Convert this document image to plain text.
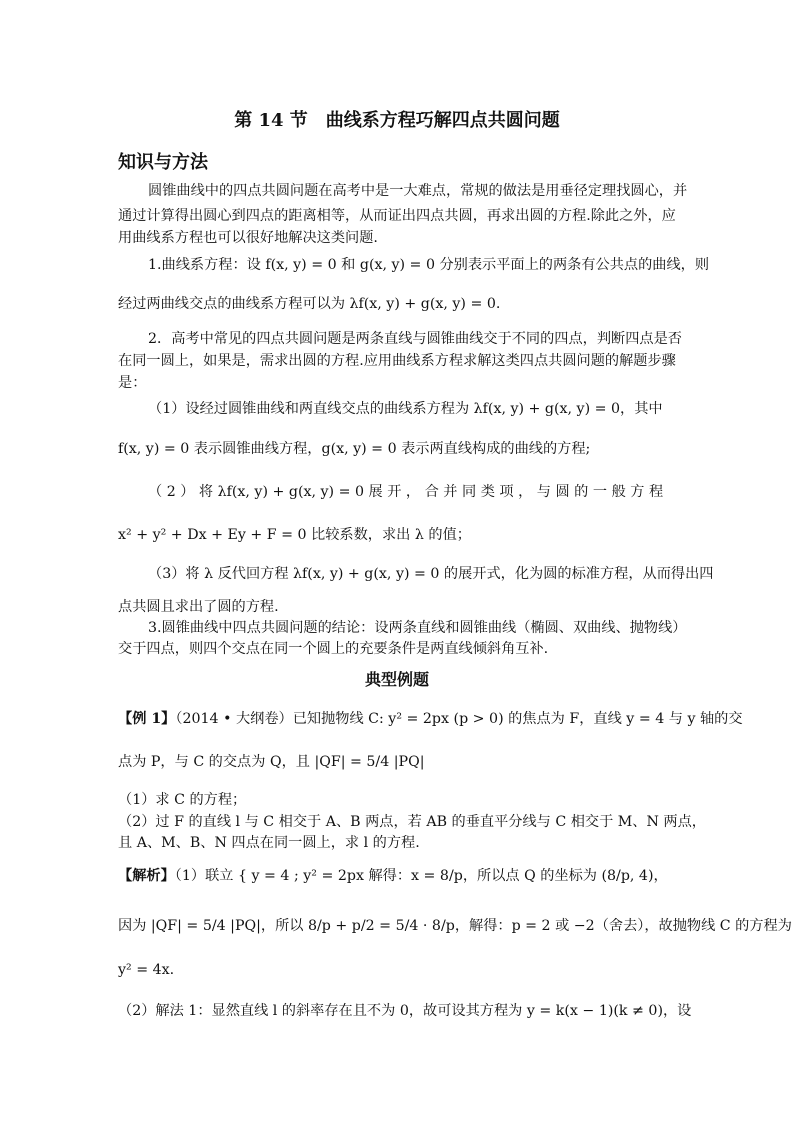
第 14 节　曲线系方程巧解四点共圆问题
知识与方法
圆锥曲线中的四点共圆问题在高考中是一大难点，常规的做法是用垂径定理找圆心，并
通过计算得出圆心到四点的距离相等，从而证出四点共圆，再求出圆的方程.除此之外，应
用曲线系方程也可以很好地解决这类问题.
1.曲线系方程：设 f(x, y) = 0 和 g(x, y) = 0 分别表示平面上的两条有公共点的曲线，则
经过两曲线交点的曲线系方程可以为 λf(x, y) + g(x, y) = 0.
2．高考中常见的四点共圆问题是两条直线与圆锥曲线交于不同的四点，判断四点是否
在同一圆上，如果是，需求出圆的方程.应用曲线系方程求解这类四点共圆问题的解题步骤
是：
（1）设经过圆锥曲线和两直线交点的曲线系方程为 λf(x, y) + g(x, y) = 0，其中
f(x, y) = 0 表示圆锥曲线方程，g(x, y) = 0 表示两直线构成的曲线的方程;
（ 2 ） 将 λf(x, y) + g(x, y) = 0 展 开 ， 合 并 同 类 项 ， 与 圆 的 一 般 方 程
x² + y² + Dx + Ey + F = 0 比较系数，求出 λ 的值；
（3）将 λ 反代回方程 λf(x, y) + g(x, y) = 0 的展开式，化为圆的标准方程，从而得出四
点共圆且求出了圆的方程.
3.圆锥曲线中四点共圆问题的结论：设两条直线和圆锥曲线（椭圆、双曲线、抛物线）
交于四点，则四个交点在同一个圆上的充要条件是两直线倾斜角互补.
典型例题
【例 1】（2014 • 大纲卷）已知抛物线 C: y² = 2px (p > 0) 的焦点为 F，直线 y = 4 与 y 轴的交
点为 P，与 C 的交点为 Q，且 |QF| = 5/4 |PQ|
（1）求 C 的方程；
（2）过 F 的直线 l 与 C 相交于 A、B 两点，若 AB 的垂直平分线与 C 相交于 M、N 两点，
且 A、M、B、N 四点在同一圆上，求 l 的方程.
【解析】（1）联立 { y = 4 ; y² = 2px 解得：x = 8/p，所以点 Q 的坐标为 (8/p, 4)，
因为 |QF| = 5/4 |PQ|，所以 8/p + p/2 = 5/4 · 8/p，解得：p = 2 或 −2（舍去），故抛物线 C 的方程为
y² = 4x.
（2）解法 1：显然直线 l 的斜率存在且不为 0，故可设其方程为 y = k(x − 1)(k ≠ 0)，设
